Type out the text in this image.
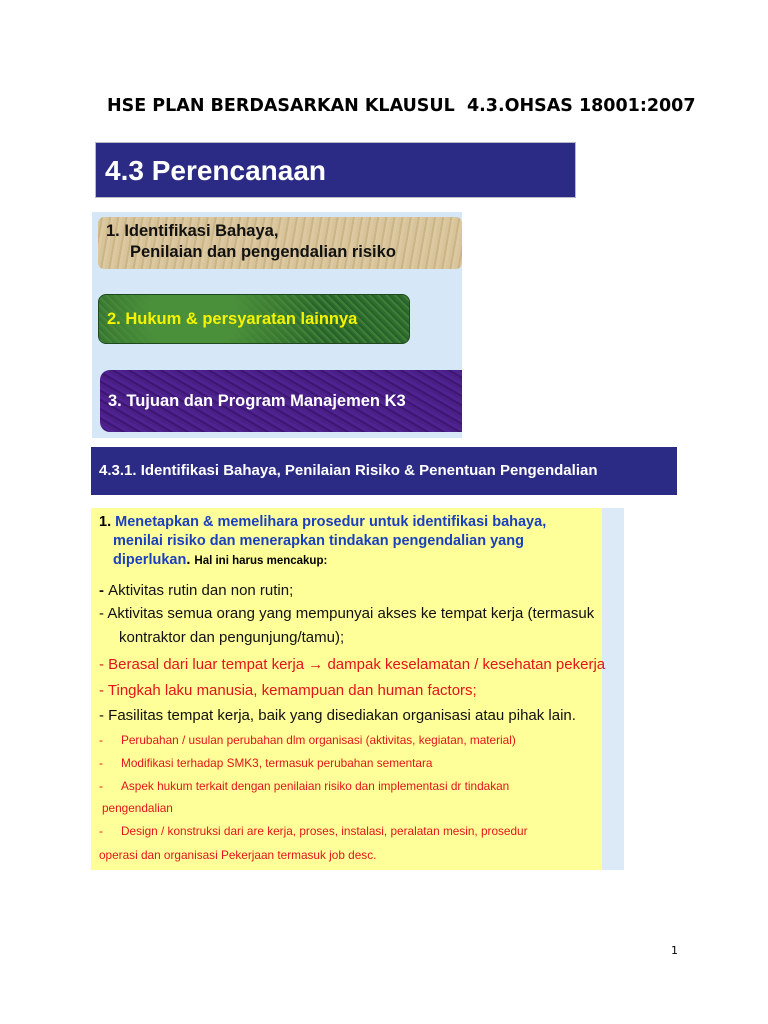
HSE PLAN BERDASARKAN KLAUSUL  4.3.OHSAS 18001:2007
4.3 Perencanaan
1. Identifikasi Bahaya,
Penilaian dan pengendalian risiko
2. Hukum & persyaratan lainnya
3. Tujuan dan Program Manajemen K3
4.3.1. Identifikasi Bahaya, Penilaian Risiko & Penentuan Pengendalian
1. Menetapkan & memelihara prosedur untuk identifikasi bahaya,
menilai risiko dan menerapkan tindakan pengendalian yang
diperlukan. Hal ini harus mencakup:
- Aktivitas rutin dan non rutin;
- Aktivitas semua orang yang mempunyai akses ke tempat kerja (termasuk
kontraktor dan pengunjung/tamu);
- Berasal dari luar tempat kerja → dampak keselamatan / kesehatan pekerja
- Tingkah laku manusia, kemampuan dan human factors;
- Fasilitas tempat kerja, baik yang disediakan organisasi atau pihak lain.
- Perubahan / usulan perubahan dlm organisasi (aktivitas, kegiatan, material)
- Modifikasi terhadap SMK3, termasuk perubahan sementara
- Aspek hukum terkait dengan penilaian risiko dan implementasi dr tindakan
pengendalian
- Design / konstruksi dari are kerja, proses, instalasi, peralatan mesin, prosedur
operasi dan organisasi Pekerjaan termasuk job desc.
1
